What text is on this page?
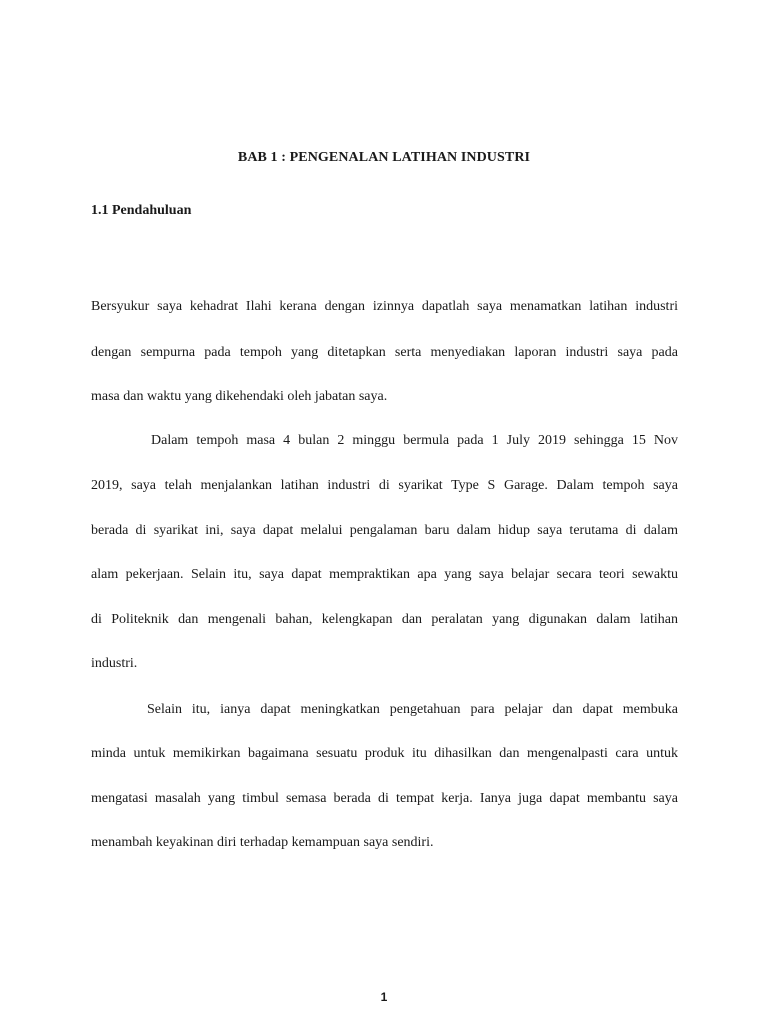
BAB 1 : PENGENALAN LATIHAN INDUSTRI
1.1 Pendahuluan
Bersyukur saya kehadrat Ilahi kerana dengan izinnya dapatlah saya menamatkan latihan industri
dengan sempurna pada tempoh yang ditetapkan serta menyediakan laporan industri saya pada
masa dan waktu yang dikehendaki oleh jabatan saya.
Dalam tempoh masa 4 bulan 2 minggu bermula pada 1 July 2019 sehingga 15 Nov
2019, saya telah menjalankan latihan industri di syarikat Type S Garage. Dalam tempoh saya
berada di syarikat ini, saya dapat melalui pengalaman baru dalam hidup saya terutama di dalam
alam pekerjaan. Selain itu, saya dapat mempraktikan apa yang saya belajar secara teori sewaktu
di Politeknik dan mengenali bahan, kelengkapan dan peralatan yang digunakan dalam latihan
industri.
Selain itu, ianya dapat meningkatkan pengetahuan para pelajar dan dapat membuka
minda untuk memikirkan bagaimana sesuatu produk itu dihasilkan dan mengenalpasti cara untuk
mengatasi masalah yang timbul semasa berada di tempat kerja. Ianya juga dapat membantu saya
menambah keyakinan diri terhadap kemampuan saya sendiri.
1
